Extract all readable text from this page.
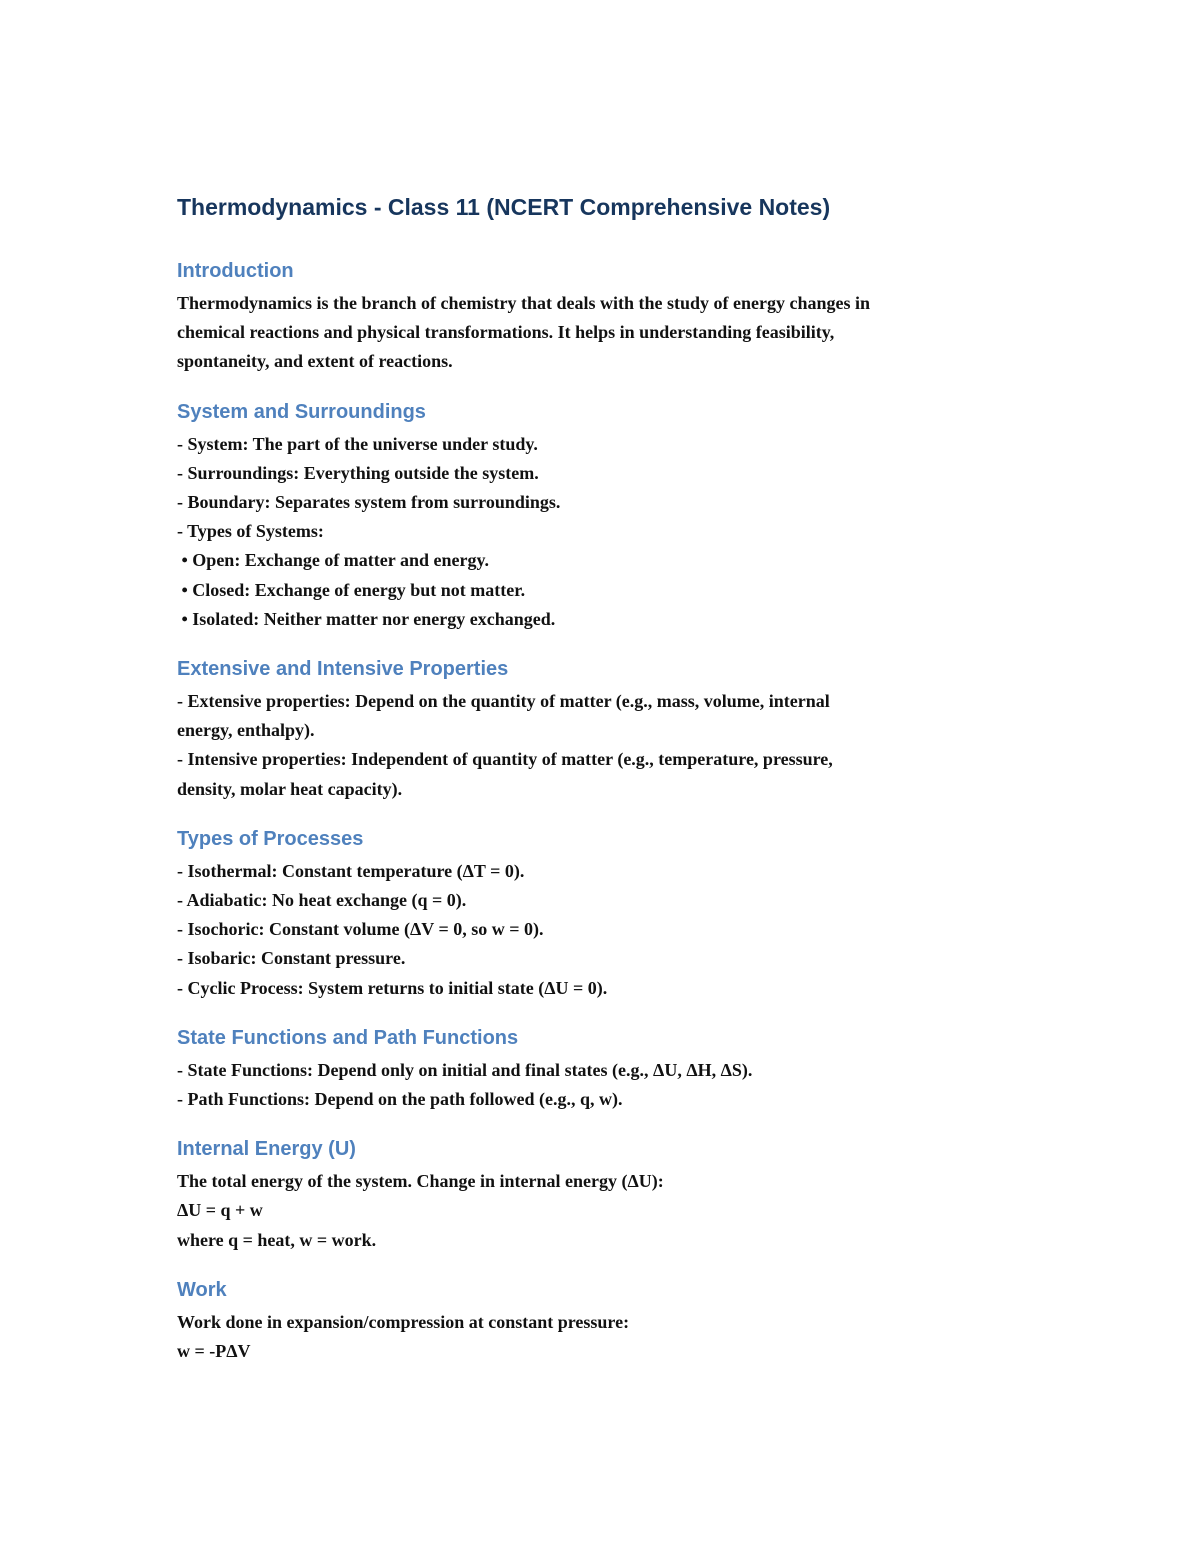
Thermodynamics - Class 11 (NCERT Comprehensive Notes)
Introduction

Thermodynamics is the branch of chemistry that deals with the study of energy changes in

chemical reactions and physical transformations. It helps in understanding feasibility,

spontaneity, and extent of reactions.

System and Surroundings

- System: The part of the universe under study.

- Surroundings: Everything outside the system.

- Boundary: Separates system from surroundings.

- Types of Systems:

• Open: Exchange of matter and energy.

• Closed: Exchange of energy but not matter.

• Isolated: Neither matter nor energy exchanged.

Extensive and Intensive Properties

- Extensive properties: Depend on the quantity of matter (e.g., mass, volume, internal

energy, enthalpy).

- Intensive properties: Independent of quantity of matter (e.g., temperature, pressure,

density, molar heat capacity).

Types of Processes

- Isothermal: Constant temperature (ΔT = 0).

- Adiabatic: No heat exchange (q = 0).

- Isochoric: Constant volume (ΔV = 0, so w = 0).

- Isobaric: Constant pressure.

- Cyclic Process: System returns to initial state (ΔU = 0).

State Functions and Path Functions

- State Functions: Depend only on initial and final states (e.g., ΔU, ΔH, ΔS).

- Path Functions: Depend on the path followed (e.g., q, w).

Internal Energy (U)

The total energy of the system. Change in internal energy (ΔU):

ΔU = q + w

where q = heat, w = work.

Work

Work done in expansion/compression at constant pressure:

w = -PΔV
